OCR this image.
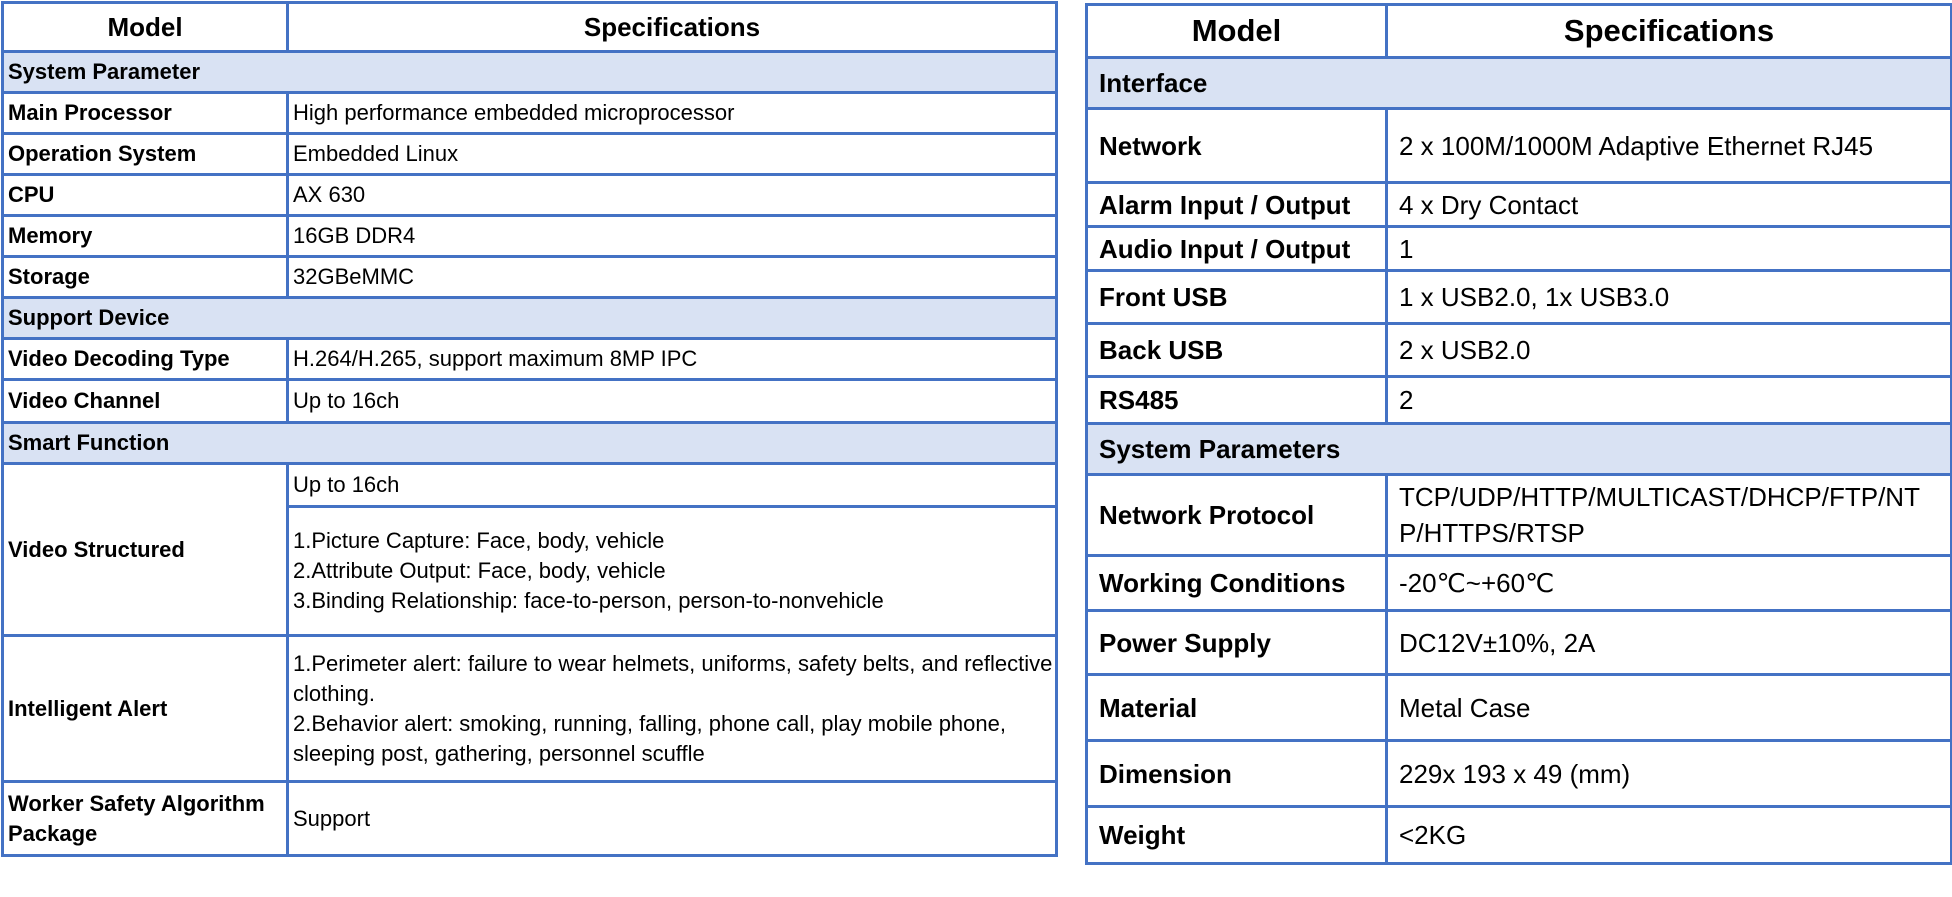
Model	Specifications
System Parameter	
Main Processor	High performance embedded microprocessor
Operation System	Embedded Linux
CPU	AX 630
Memory	16GB DDR4
Storage	32GBeMMC
Support Device	
Video Decoding Type	H.264/H.265, support maximum 8MP IPC
Video Channel	Up to 16ch
Smart Function	
Video Structured	Up to 16ch
	1.Picture Capture: Face, body, vehicle
2.Attribute Output: Face, body, vehicle
3.Binding Relationship: face-to-person, person-to-nonvehicle
Intelligent Alert	1.Perimeter alert: failure to wear helmets, uniforms, safety belts, and reflective clothing.
2.Behavior alert: smoking, running, falling, phone call, play mobile phone, sleeping post, gathering, personnel scuffle
Worker Safety Algorithm Package	Support
Model	Specifications
Interface	
Network	2 x 100M/1000M Adaptive Ethernet RJ45
Alarm Input / Output	4 x Dry Contact
Audio Input / Output	1
Front USB	1 x USB2.0, 1x USB3.0
Back USB	2 x USB2.0
RS485	2
System Parameters	
Network Protocol	TCP/UDP/HTTP/MULTICAST/DHCP/FTP/NT
P/HTTPS/RTSP
Working Conditions	-20℃~+60℃
Power Supply	DC12V±10%, 2A
Material	Metal Case
Dimension	229x 193 x 49 (mm)
Weight	<2KG
